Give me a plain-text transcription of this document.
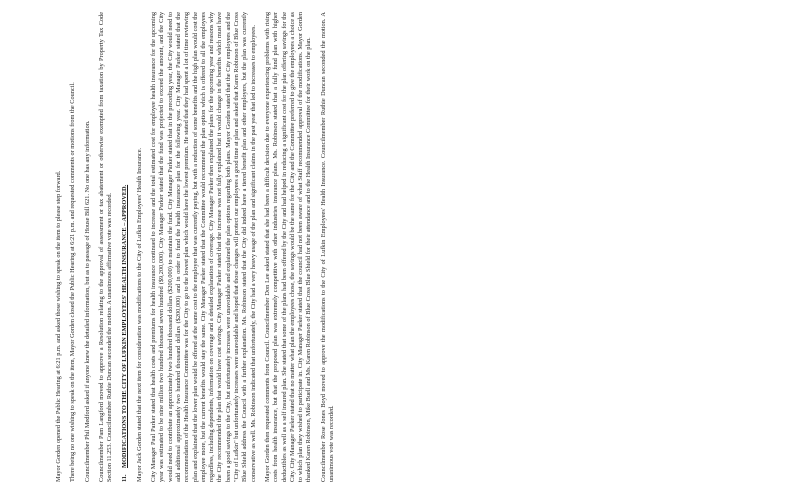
Mayor Gorden opened the Public Hearing at 6:21 p.m. and asked those wishing to speak on the item to please step forward. There being no one wishing to speak on the item, Mayor Gorden closed the Public Hearing at 6:21 p.m. and requested comments or motions from the Council. Councilmember Phil Medford asked if anyone knew the detailed information, but as to passage of House Bill 621. No one has any information. Councilmember Pam Langford moved to approve a Resolution relating to the approval of assessment or tax abatement or otherwise exempted from taxation by Property Tax Code Section 11.253. Councilmember Ruthie Duncan seconded the motion. A unanimous affirmative vote was recorded. 11.
MODIFICATIONS TO THE CITY OF LUFKIN EMPLOYEES' HEALTH INSURANCE – APPROVED. Mayor Jack Gorden stated that the next item for consideration was modifications to the City of Lufkin Employees' Health Insurance. City Manager Paul Parker stated that health costs and premiums for health insurance continued to increase and the total estimated cost for employee health insurance for the upcoming year was estimated to be nine million two hundred thousand seven hundred ($9,200,000). City Manager Parker stated that the fund was projected to exceed the amount, and the City would need to contribute an approximately two hundred thousand dollars ($200,000) to maintain the fund. City Manager Parker stated that in the preceding year, the City would need to add additional approximately two hundred thousand dollars ($200,000) and in order to fund the health insurance plan for the following year. City Manager Parker stated that the recommendation of the Health Insurance Committee was for the City to go to the lowest plan which would have the lowest premium. He stated that they had spent a lot of time reviewing plan and explained that the lower plan would be offered at the same cost to the employee that was currently paying, but with a reduction of some benefits and the high plan would cost the employee more, but the current benefits would stay the same. City Manager Parker stated that the Committee would recommend the plan option which is offered to all the employees regardless, including dependents, information on coverage and a detailed explanation of coverage. City Manager Parker then explained the plans for the upcoming year and reasons why the City recommended the plan that would have cost savings. City Manager Parker stated that the increase was not fully explained but it would change in the benefits which must have been a good savings to the City, but unfortunately increases were unavoidable and explained the plan options regarding both plans. Mayor Gorden stated that the City employees and the "City of Lufkin" but unfortunately increases were unavoidable and hoped that those changes will protect our employees a good time at plan and asked that Karen Robinson of Blue Cross Blue Shield address the Council with a further explanation. Ms. Robinson stated that the City did indeed have a tiered benefit plan and other employers, but the plan was currently conservative as well. Ms. Robinson indicated that unfortunately, the City had a very heavy usage of the plan and significant claims in the past year that led to increases to employees. Mayor Gorden then requested comments from Council. Councilmember Don Lee asked stated that she had been a difficult decision due to everyone experiencing problems with rising costs from health insurance, but that the proposed plan was extremely competitive with other industries insurance plans. Ms. Robinson stated that a fully fund plan with higher deductibles as well as a self insured plan. She stated that some of the plans had been offered by the City and had helped in reducing a significant cost for the plan offering savings for the City. City Manager Parker stated that no matter what plan the employees chose, the savings would be the same for the City and the Committee preferred to give the employees a choice as to which plan they wished to participate in. City Manager Parker stated that the council had not been aware of what Staff recommended approval of the modifications. Mayor Gorden thanked Karen Robinson, Mike Buell and Ms. Karen Robinson of Blue Cross Blue Shield for their attendance and to the Health Insurance Committee for their work on the plan. Councilmember Rose Jones Boyd moved to approve the modifications to the City of Lufkin Employees' Health Insurance. Councilmember Ruthie Duncan seconded the motion. A unanimous vote was recorded.
